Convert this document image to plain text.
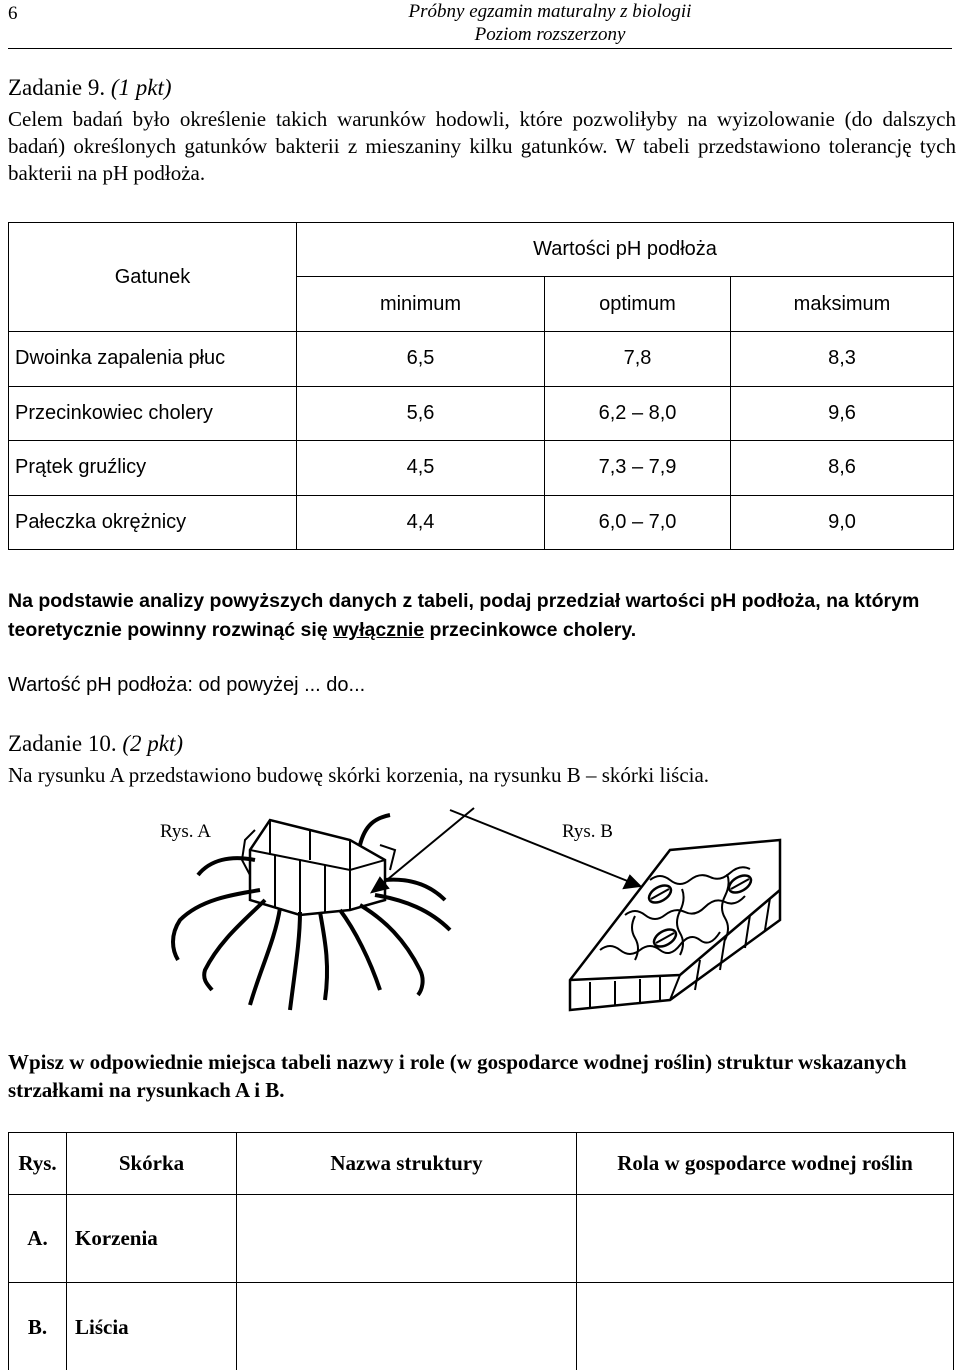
6	Próbny egzamin maturalny z biologii
Poziom rozszerzony
Zadanie 9. (1 pkt)
Celem badań było określenie takich warunków hodowli, które pozwoliłyby na wyizolowanie (do dalszych badań) określonych gatunków bakterii z mieszaniny kilku gatunków. W tabeli przedstawiono tolerancję tych bakterii na pH podłoża.
Gatunek	Wartości pH podłoża		
	minimum	optimum	maksimum
Dwoinka zapalenia płuc	6,5	7,8	8,3
Przecinkowiec cholery	5,6	6,2 – 8,0	9,6
Prątek gruźlicy	4,5	7,3 – 7,9	8,6
Pałeczka okrężnicy	4,4	6,0 – 7,0	9,0
Na podstawie analizy powyższych danych z tabeli, podaj przedział wartości pH podłoża, na którym teoretycznie powinny rozwinąć się wyłącznie przecinkowce cholery.
Wartość pH podłoża: od powyżej ... do...
Zadanie 10. (2 pkt)
Na rysunku A przedstawiono budowę skórki korzenia, na rysunku B – skórki liścia.
Rys. A	Rys. B
Wpisz w odpowiednie miejsca tabeli nazwy i role (w gospodarce wodnej roślin) struktur wskazanych strzałkami na rysunkach A i B.
Rys.	Skórka	Nazwa struktury	Rola w gospodarce wodnej roślin
A.	Korzenia		
B.	Liścia		
